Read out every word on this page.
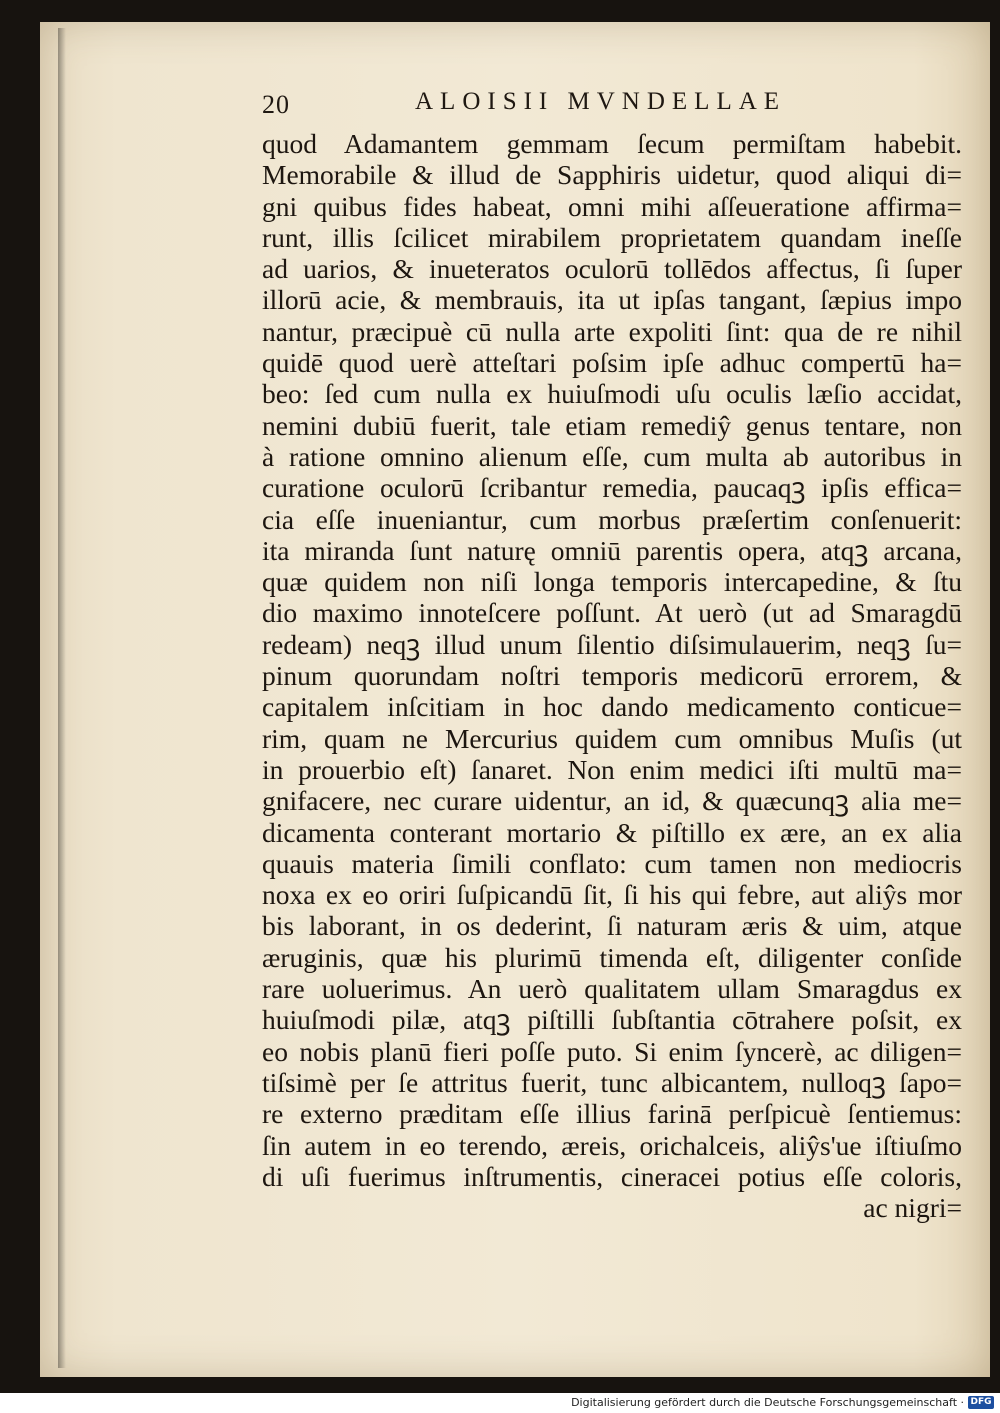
20	ALOISII MVNDELLAE
quod Adamantem gemmam ſecum permiſtam habebit.
Memorabile & illud de Sapphiris uidetur, quod aliqui di=
gni quibus fides habeat, omni mihi aſſeueratione affirma=
runt, illis ſcilicet mirabilem proprietatem quandam ineſſe
ad uarios, & inueteratos oculorū tollēdos affectus, ſi ſuper
illorū acie, & membrauis, ita ut ipſas tangant, ſæpius impo
nantur, præcipuè cū nulla arte expoliti ſint: qua de re nihil
quidē quod uerè atteſtari poſsim ipſe adhuc compertū ha=
beo: ſed cum nulla ex huiuſmodi uſu oculis læſio accidat,
nemini dubiū fuerit, tale etiam remediŷ genus tentare, non
à ratione omnino alienum eſſe, cum multa ab autoribus in
curatione oculorū ſcribantur remedia, paucaqꝫ ipſis effica=
cia eſſe inueniantur, cum morbus præſertim conſenuerit:
ita miranda ſunt naturę omniū parentis opera, atqꝫ arcana,
quæ quidem non niſi longa temporis intercapedine, & ſtu
dio maximo innoteſcere poſſunt. At uerò (ut ad Smaragdū
redeam) neqꝫ illud unum ſilentio diſsimulauerim, neqꝫ ſu=
pinum quorundam noſtri temporis medicorū errorem, &
capitalem inſcitiam in hoc dando medicamento conticue=
rim, quam ne Mercurius quidem cum omnibus Muſis (ut
in prouerbio eſt) ſanaret. Non enim medici iſti multū ma=
gnifacere, nec curare uidentur, an id, & quæcunqꝫ alia me=
dicamenta conterant mortario & piſtillo ex ære, an ex alia
quauis materia ſimili conflato: cum tamen non mediocris
noxa ex eo oriri ſuſpicandū ſit, ſi his qui febre, aut aliŷs mor
bis laborant, in os dederint, ſi naturam æris & uim, atque
æruginis, quæ his plurimū timenda eſt, diligenter conſide
rare uoluerimus. An uerò qualitatem ullam Smaragdus ex
huiuſmodi pilæ, atqꝫ piſtilli ſubſtantia cōtrahere poſsit, ex
eo nobis planū fieri poſſe puto. Si enim ſyncerè, ac diligen=
tiſsimè per ſe attritus fuerit, tunc albicantem, nulloqꝫ ſapo=
re externo præditam eſſe illius farinā perſpicuè ſentiemus:
ſin autem in eo terendo, æreis, orichalceis, aliŷs'ue iſtiuſmo
di uſi fuerimus inſtrumentis, cineracei potius eſſe coloris,
ac nigri=
Digitalisierung gefördert durch die Deutsche Forschungsgemeinschaft · DFG
